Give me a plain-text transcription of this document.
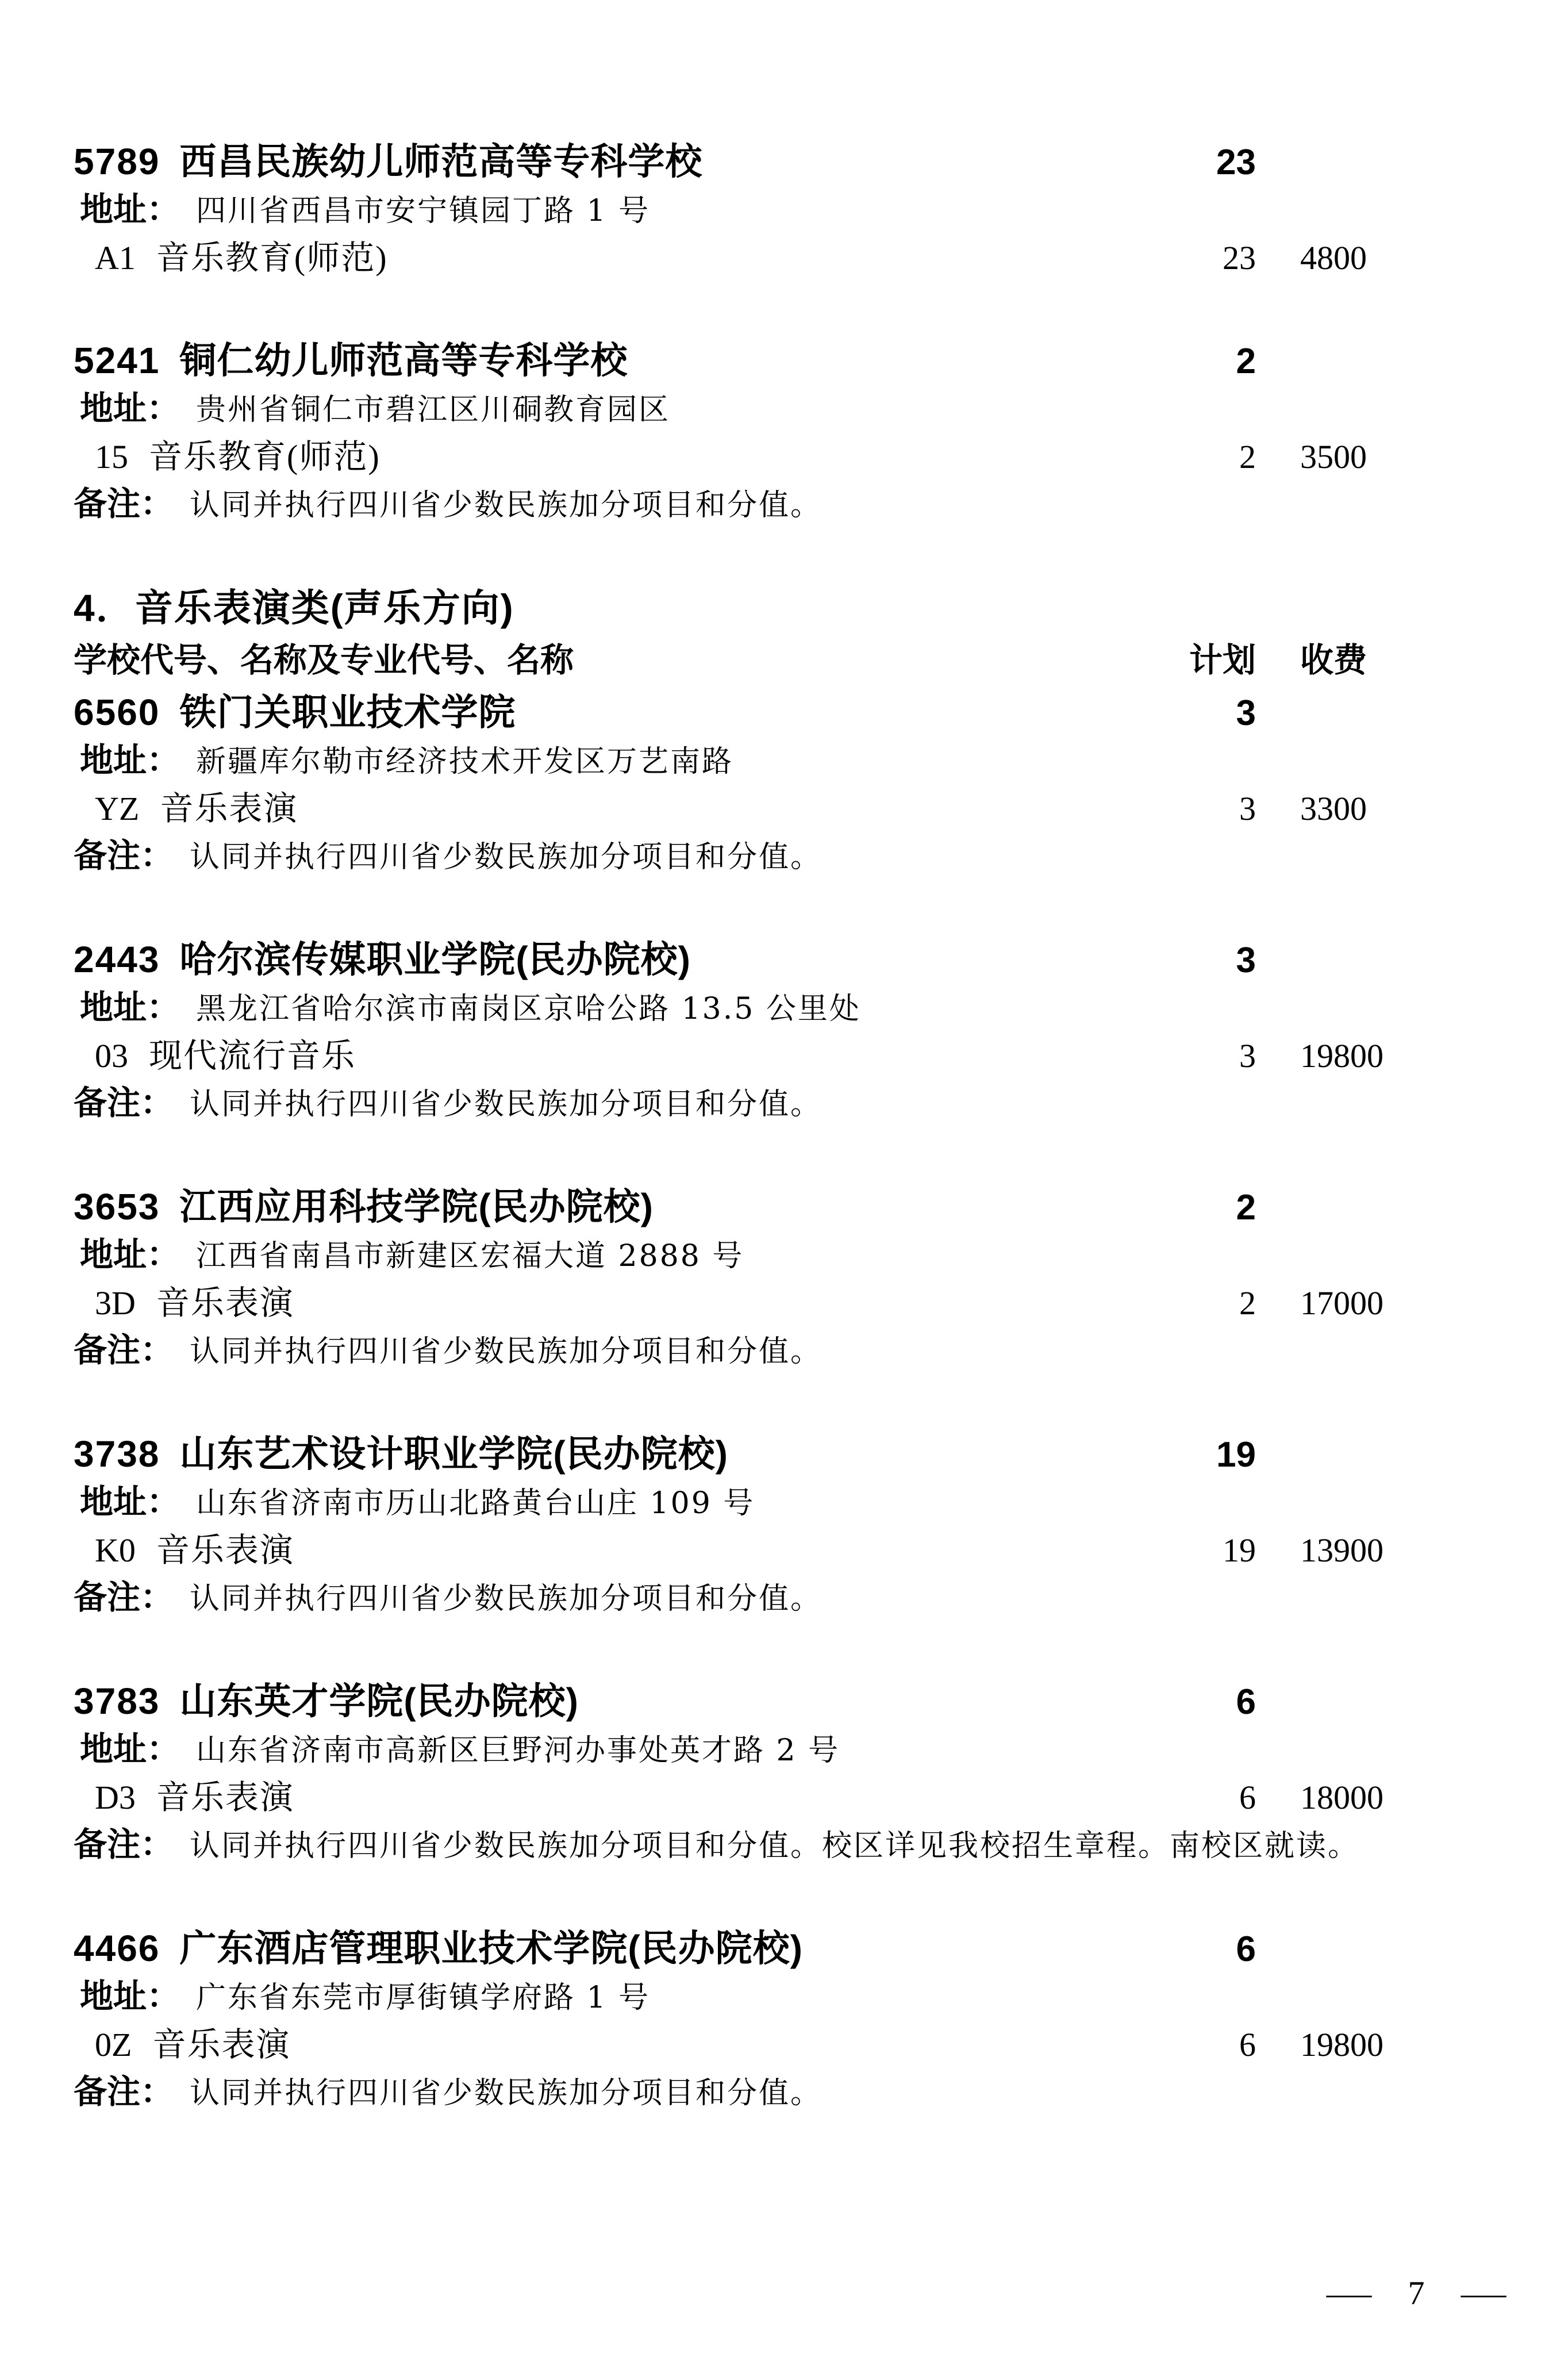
5789 西昌民族幼儿师范高等专科学校	23
地址： 四川省西昌市安宁镇园丁路 1 号
A1 音乐教育(师范)	23 4800
5241 铜仁幼儿师范高等专科学校	2
地址： 贵州省铜仁市碧江区川硐教育园区
15 音乐教育(师范)	2 3500
备注： 认同并执行四川省少数民族加分项目和分值。
4．音乐表演类(声乐方向)
学校代号、名称及专业代号、名称	计划 收费
6560 铁门关职业技术学院	3
地址： 新疆库尔勒市经济技术开发区万艺南路
YZ 音乐表演	3 3300
备注： 认同并执行四川省少数民族加分项目和分值。
2443 哈尔滨传媒职业学院(民办院校)	3
地址： 黑龙江省哈尔滨市南岗区京哈公路 13.5 公里处
03 现代流行音乐	3 19800
备注： 认同并执行四川省少数民族加分项目和分值。
3653 江西应用科技学院(民办院校)	2
地址： 江西省南昌市新建区宏福大道 2888 号
3D 音乐表演	2 17000
备注： 认同并执行四川省少数民族加分项目和分值。
3738 山东艺术设计职业学院(民办院校)	19
地址： 山东省济南市历山北路黄台山庄 109 号
K0 音乐表演	19 13900
备注： 认同并执行四川省少数民族加分项目和分值。
3783 山东英才学院(民办院校)	6
地址： 山东省济南市高新区巨野河办事处英才路 2 号
D3 音乐表演	6 18000
备注： 认同并执行四川省少数民族加分项目和分值。校区详见我校招生章程。南校区就读。
4466 广东酒店管理职业技术学院(民办院校)	6
地址： 广东省东莞市厚街镇学府路 1 号
0Z 音乐表演	6 19800
备注： 认同并执行四川省少数民族加分项目和分值。
— 7 —
